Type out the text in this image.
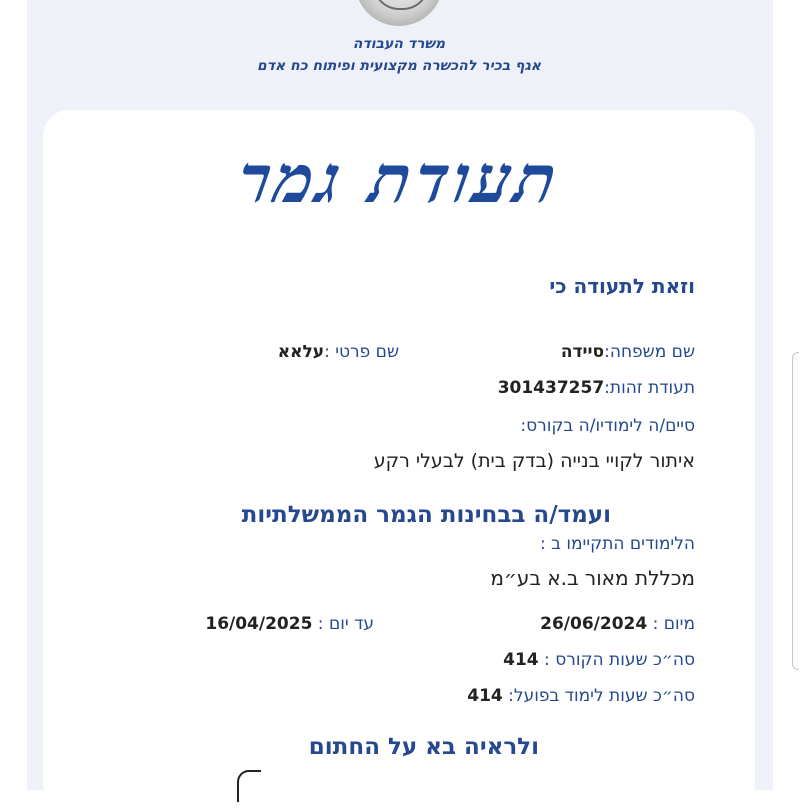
משרד העבודה
אגף בכיר להכשרה מקצועית ופיתוח כח אדם
תעודת גמר
וזאת לתעודה כי
שם משפחה:סיידה
שם פרטי :עלאא
תעודת זהות:301437257
סיים/ה לימודיו/ה בקורס:
איתור לקויי בנייה (בדק בית) לבעלי רקע
ועמד/ה בבחינות הגמר הממשלתיות
הלימודים התקיימו ב :
מכללת מאור ב.א בע״מ
מיום : 26/06/2024
עד יום : 16/04/2025
סה״כ שעות הקורס : 414
סה״כ שעות לימוד בפועל: 414
ולראיה בא על החתום
